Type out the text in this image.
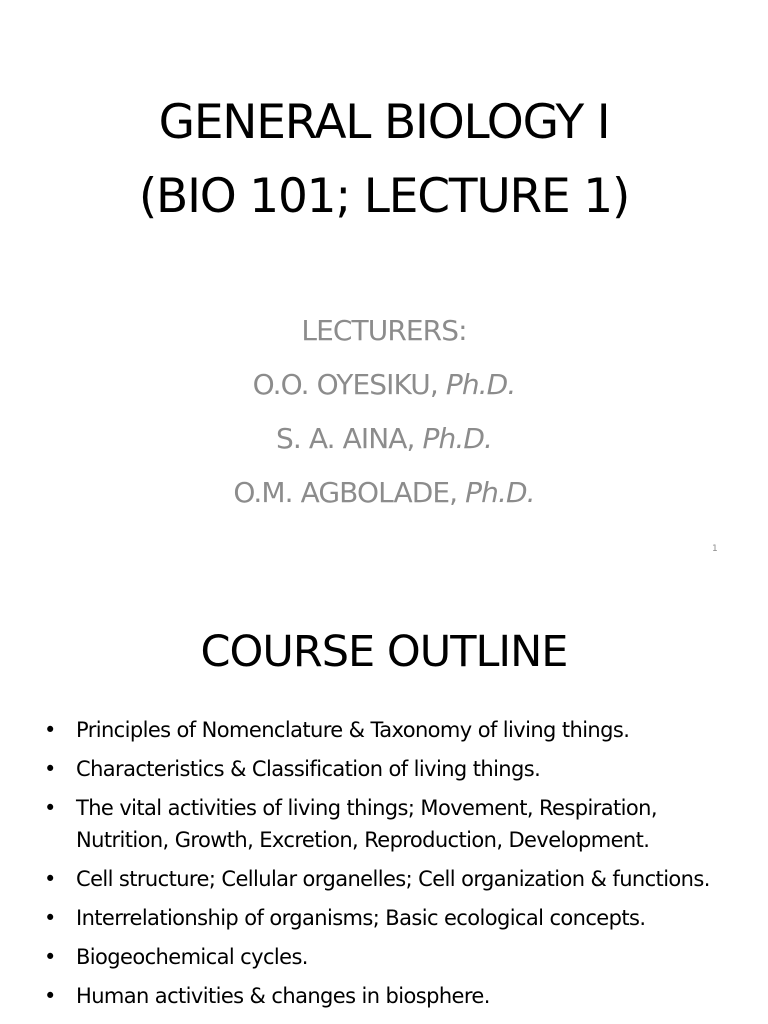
GENERAL BIOLOGY I
(BIO 101; LECTURE 1)
LECTURERS:
O.O. OYESIKU, Ph.D.
S. A. AINA, Ph.D.
O.M. AGBOLADE, Ph.D.
1
COURSE OUTLINE
• Principles of Nomenclature & Taxonomy of living things.
• Characteristics & Classification of living things.
• The vital activities of living things; Movement, Respiration, Nutrition, Growth, Excretion, Reproduction, Development.
• Cell structure; Cellular organelles; Cell organization & functions.
• Interrelationship of organisms; Basic ecological concepts.
• Biogeochemical cycles.
• Human activities & changes in biosphere.
